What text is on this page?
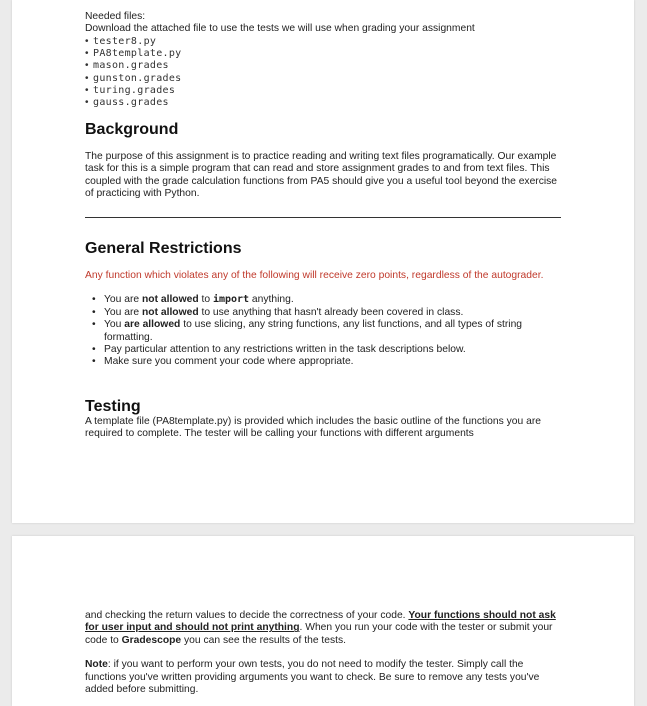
Needed files:

Download the attached file to use the tests we will use when grading your assignment

• tester8.py
• PA8template.py
• mason.grades
• gunston.grades
• turing.grades
• gauss.grades
Background

The purpose of this assignment is to practice reading and writing text files programatically. Our example task for this is a simple program that can read and store assignment grades to and from text files. This coupled with the grade calculation functions from PA5 should give you a useful tool beyond the exercise of practicing with Python.

General Restrictions

Any function which violates any of the following will receive zero points, regardless of the autograder.

• You are not allowed to import anything.
• You are not allowed to use anything that hasn't already been covered in class.
• You are allowed to use slicing, any string functions, any list functions, and all types of string formatting.
• Pay particular attention to any restrictions written in the task descriptions below.
• Make sure you comment your code where appropriate.
Testing

A template file (PA8template.py) is provided which includes the basic outline of the functions you are required to complete. The tester will be calling your functions with different arguments

and checking the return values to decide the correctness of your code. Your functions should not ask for user input and should not print anything. When you run your code with the tester or submit your code to Gradescope you can see the results of the tests.

Note: if you want to perform your own tests, you do not need to modify the tester. Simply call the functions you've written providing arguments you want to check. Be sure to remove any tests you've added before submitting.
